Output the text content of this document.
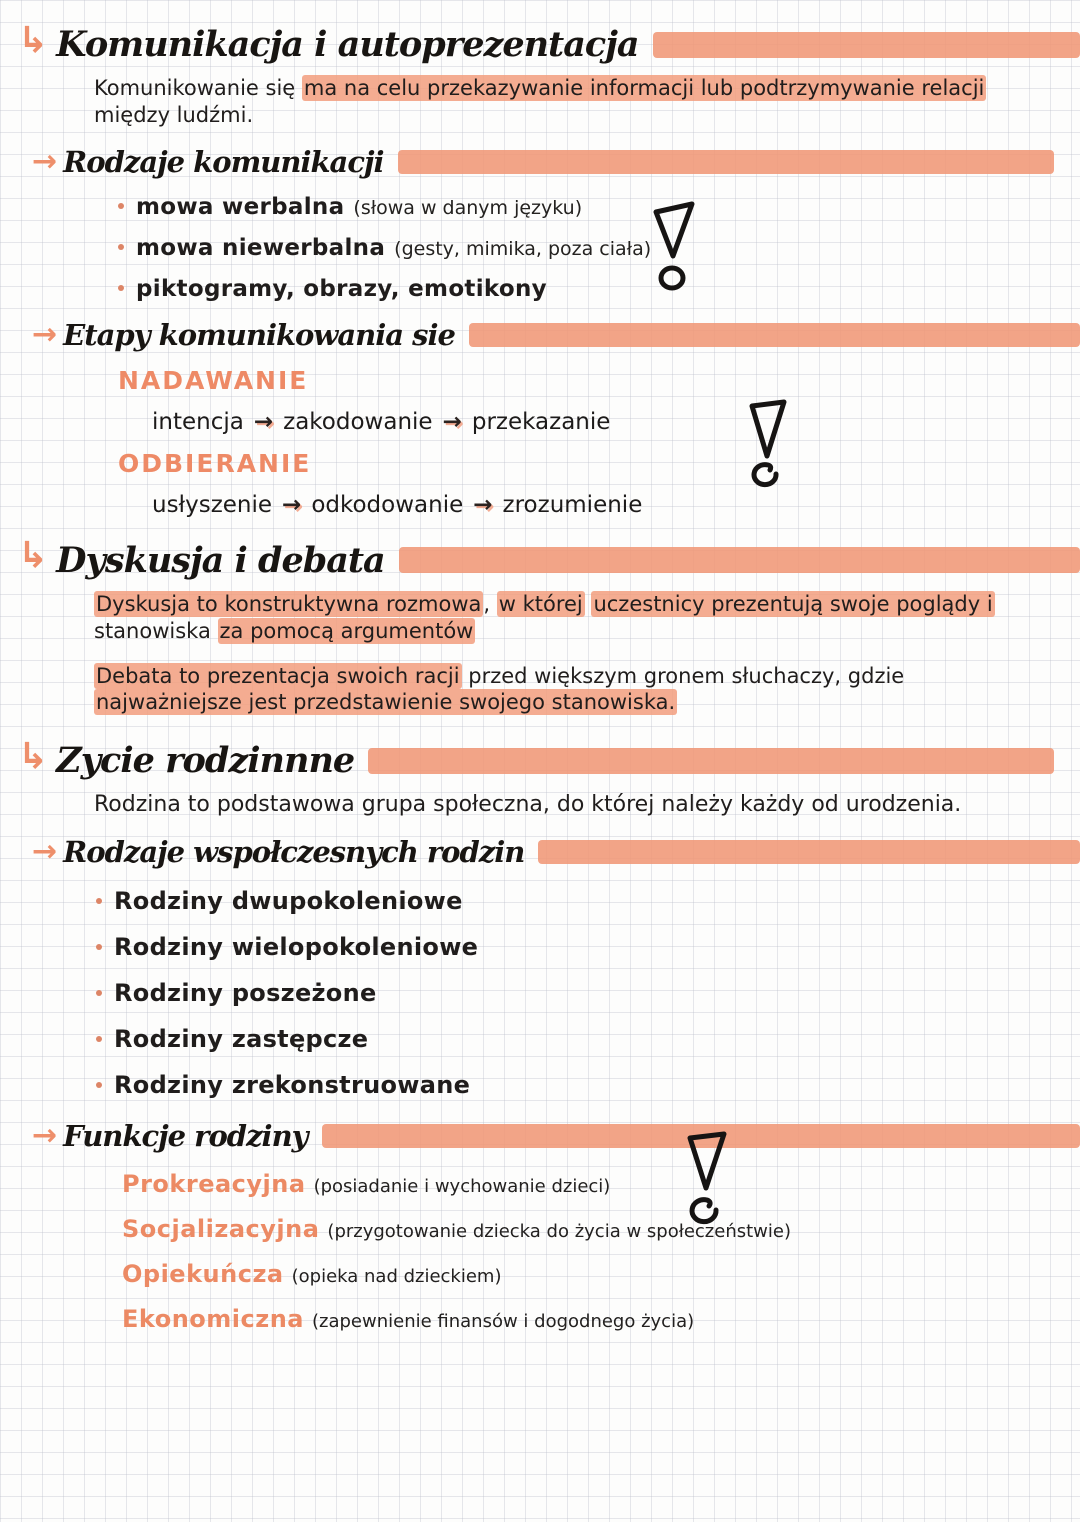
↳ Komunikacja i autoprezentacja

Komunikowanie się ma na celu przekazywanie informacji lub podtrzymywanie relacji między ludźmi.

→ Rodzaje komunikacji
mowa werbalna (słowa w danym języku)
mowa niewerbalna (gesty, mimika, poza ciała)
piktogramy, obrazy, emotikony
→ Etapy komunikowania sie
NADAWANIE

intencja → zakodowanie → przekazanie

ODBIERANIE

usłyszenie → odkodowanie → zrozumienie

↳ Dyskusja i debata

Dyskusja to konstruktywna rozmowa, w której uczestnicy prezentują swoje poglądy i stanowiska za pomocą argumentów

Debata to prezentacja swoich racji przed większym gronem słuchaczy, gdzie najważniejsze jest przedstawienie swojego stanowiska.

↳ Zycie rodzinnne

Rodzina to podstawowa grupa społeczna, do której należy każdy od urodzenia.

→ Rodzaje wspołczesnych rodzin
Rodziny dwupokoleniowe
Rodziny wielopokoleniowe
Rodziny poszeżone
Rodziny zastępcze
Rodziny zrekonstruowane
→ Funkcje rodziny
Prokreacyjna (posiadanie i wychowanie dzieci)
Socjalizacyjna (przygotowanie dziecka do życia w społeczeństwie)
Opiekuńcza (opieka nad dzieckiem)
Ekonomiczna (zapewnienie finansów i dogodnego życia)
